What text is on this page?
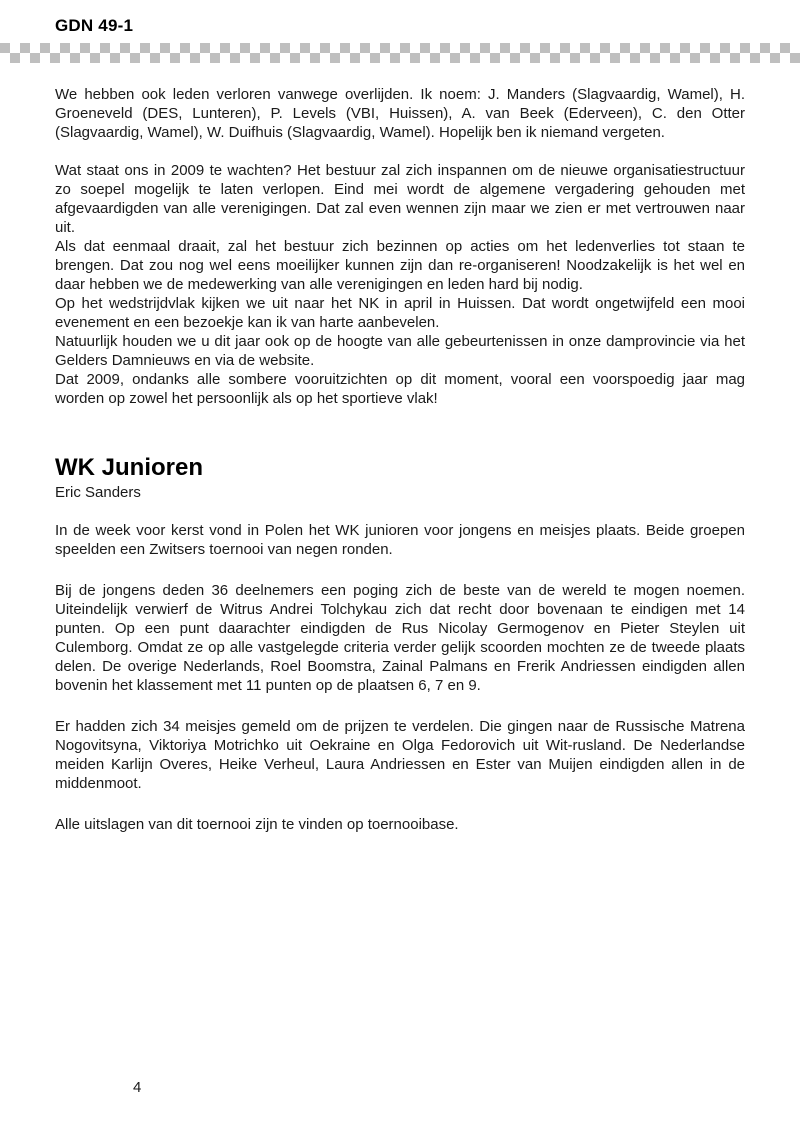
GDN 49-1

We hebben ook leden verloren vanwege overlijden. Ik noem: J. Manders (Slagvaardig, Wamel), H. Groeneveld (DES, Lunteren), P. Levels (VBI, Huissen), A. van Beek (Ederveen), C. den Otter (Slagvaardig, Wamel), W. Duifhuis (Slagvaardig, Wamel). Hopelijk ben ik niemand vergeten.

Wat staat ons in 2009 te wachten? Het bestuur zal zich inspannen om de nieuwe organisatiestructuur zo soepel mogelijk te laten verlopen. Eind mei wordt de algemene vergadering gehouden met afgevaardigden van alle verenigingen. Dat zal even wennen zijn maar we zien er met vertrouwen naar uit.

Als dat eenmaal draait, zal het bestuur zich bezinnen op acties om het ledenverlies tot staan te brengen. Dat zou nog wel eens moeilijker kunnen zijn dan re-organiseren! Noodzakelijk is het wel en daar hebben we de medewerking van alle verenigingen en leden hard bij nodig.

Op het wedstrijdvlak kijken we uit naar het NK in april in Huissen. Dat wordt ongetwijfeld een mooi evenement en een bezoekje kan ik van harte aanbevelen.

Natuurlijk houden we u dit jaar ook op de hoogte van alle gebeurtenissen in onze damprovincie via het Gelders Damnieuws en via de website.

Dat 2009, ondanks alle sombere vooruitzichten op dit moment, vooral een voorspoedig jaar mag worden op zowel het persoonlijk als op het sportieve vlak!

WK Junioren

Eric Sanders

In de week voor kerst vond in Polen het WK junioren voor jongens en meisjes plaats. Beide groepen speelden een Zwitsers toernooi van negen ronden.

Bij de jongens deden 36 deelnemers een poging zich de beste van de wereld te mogen noemen. Uiteindelijk verwierf de Witrus Andrei Tolchykau zich dat recht door bovenaan te eindigen met 14 punten. Op een punt daarachter eindigden de Rus Nicolay Germogenov en Pieter Steylen uit Culemborg. Omdat ze op alle vastgelegde criteria verder gelijk scoorden mochten ze de tweede plaats delen. De overige Nederlands, Roel Boomstra, Zainal Palmans en Frerik Andriessen eindigden allen bovenin het klassement met 11 punten op de plaatsen 6, 7 en 9.

Er hadden zich 34 meisjes gemeld om de prijzen te verdelen. Die gingen naar de Russische Matrena Nogovitsyna, Viktoriya Motrichko uit Oekraine en Olga Fedorovich uit Wit-rusland. De Nederlandse meiden Karlijn Overes, Heike Verheul, Laura Andriessen en Ester van Muijen eindigden allen in de middenmoot.

Alle uitslagen van dit toernooi zijn te vinden op toernooibase.

4
